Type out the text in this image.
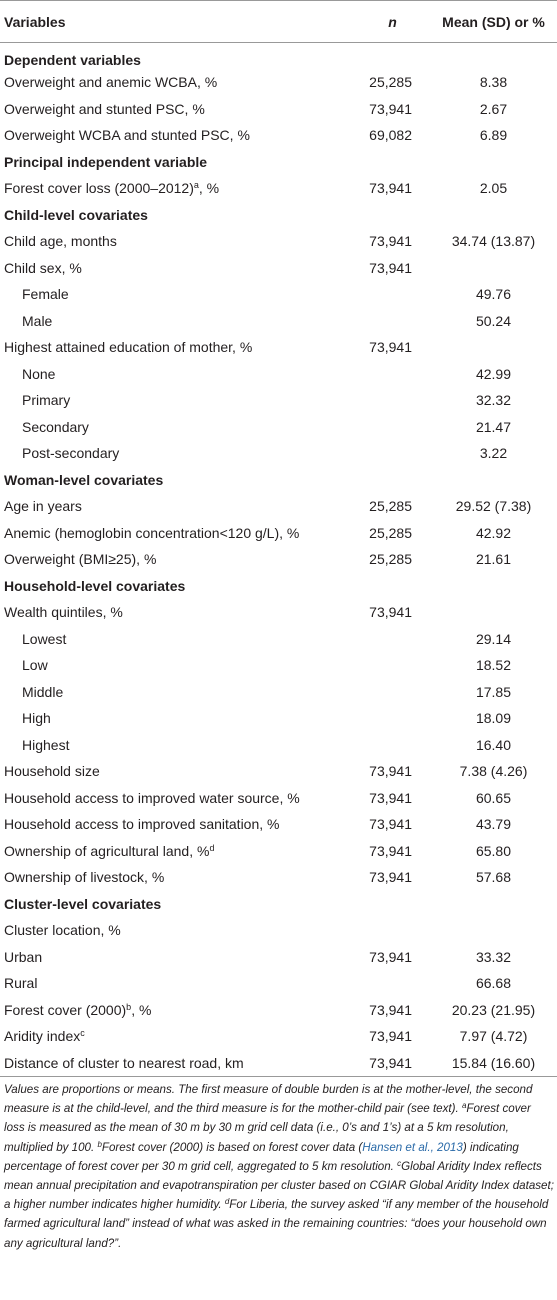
Variables	n	Mean (SD) or %
Dependent variables		
Overweight and anemic WCBA, %	25,285	8.38
Overweight and stunted PSC, %	73,941	2.67
Overweight WCBA and stunted PSC, %	69,082	6.89
Principal independent variable		
Forest cover loss (2000–2012)$^a$, %	73,941	2.05
Child-level covariates		
Child age, months	73,941	34.74 (13.87)
Child sex, %	73,941	
Female		49.76
Male		50.24
Highest attained education of mother, %	73,941	
None		42.99
Primary		32.32
Secondary		21.47
Post-secondary		3.22
Woman-level covariates		
Age in years	25,285	29.52 (7.38)
Anemic (hemoglobin concentration<120 g/L), %	25,285	42.92
Overweight (BMI≥25), %	25,285	21.61
Household-level covariates		
Wealth quintiles, %	73,941	
Lowest		29.14
Low		18.52
Middle		17.85
High		18.09
Highest		16.40
Household size	73,941	7.38 (4.26)
Household access to improved water source, %	73,941	60.65
Household access to improved sanitation, %	73,941	43.79
Ownership of agricultural land, %$^d$	73,941	65.80
Ownership of livestock, %	73,941	57.68
Cluster-level covariates		
Cluster location, %		
Urban	73,941	33.32
Rural		66.68
Forest cover $(2000)^b$, %	73,941	20.23 (21.95)
Aridity index$^c$	73,941	7.97 (4.72)
Distance of cluster to nearest road, km	73,941	15.84 (16.60)

Values are proportions or means. The first measure of double burden is at the mother-level, the second measure is at the child-level, and the third measure is for the mother-child pair (see text). $^a$Forest cover loss is measured as the mean of 30 m by 30 m grid cell data (i.e., 0’s and 1’s) at a 5 km resolution, multiplied by 100. $^b$Forest cover (2000) is based on forest cover data (Hansen et al., 2013) indicating percentage of forest cover per 30 m grid cell, aggregated to 5 km resolution. $^c$Global Aridity Index reflects mean annual precipitation and evapotranspiration per cluster based on CGIAR Global Aridity Index dataset; a higher number indicates higher humidity. $^d$For Liberia, the survey asked “if any member of the household farmed agricultural land” instead of what was asked in the remaining countries: “does your household own any agricultural land?”.
